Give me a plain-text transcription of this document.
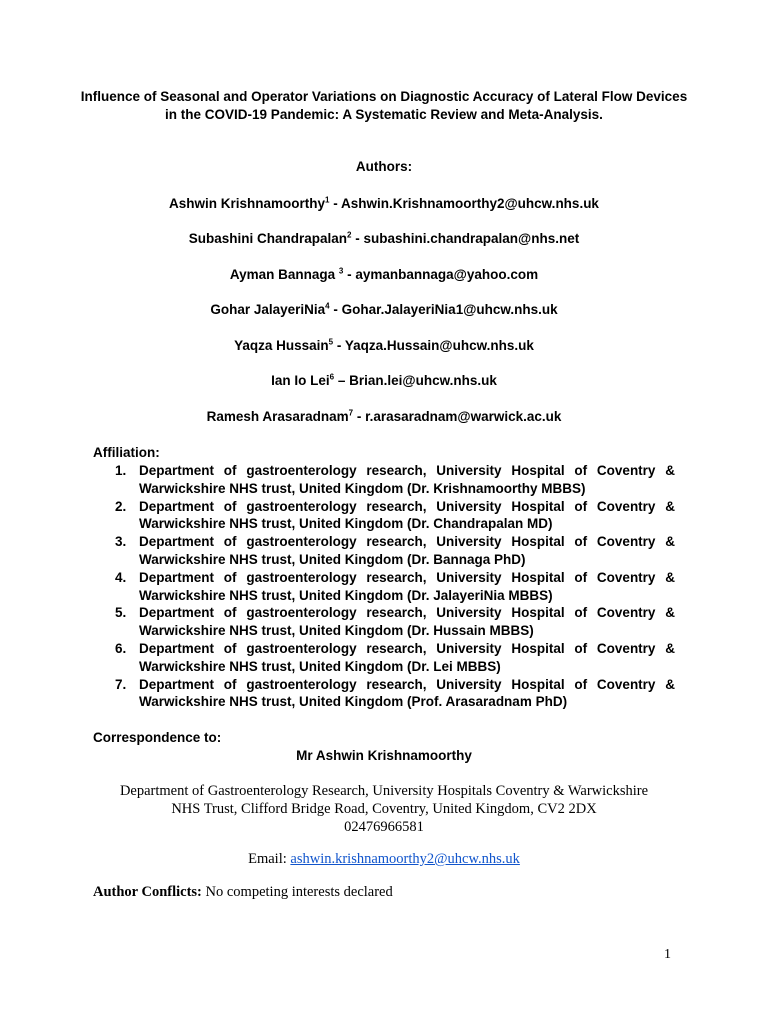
Influence of Seasonal and Operator Variations on Diagnostic Accuracy of Lateral Flow Devices in the COVID-19 Pandemic: A Systematic Review and Meta-Analysis.
Authors:
Ashwin Krishnamoorthy$^1$ - Ashwin.Krishnamoorthy2@uhcw.nhs.uk
Subashini Chandrapalan$^2$ - subashini.chandrapalan@nhs.net
Ayman Bannaga $^3$ - aymanbannaga@yahoo.com
Gohar JalayeriNia$^4$ - Gohar.JalayeriNia1@uhcw.nhs.uk
Yaqza Hussain$^5$ - Yaqza.Hussain@uhcw.nhs.uk
Ian Io Lei$^6$ – Brian.lei@uhcw.nhs.uk
Ramesh Arasaradnam$^7$ - r.arasaradnam@warwick.ac.uk
Affiliation:
1. Department of gastroenterology research, University Hospital of Coventry & Warwickshire NHS trust, United Kingdom (Dr. Krishnamoorthy MBBS)
2. Department of gastroenterology research, University Hospital of Coventry & Warwickshire NHS trust, United Kingdom (Dr. Chandrapalan MD)
3. Department of gastroenterology research, University Hospital of Coventry & Warwickshire NHS trust, United Kingdom (Dr. Bannaga PhD)
4. Department of gastroenterology research, University Hospital of Coventry & Warwickshire NHS trust, United Kingdom (Dr. JalayeriNia MBBS)
5. Department of gastroenterology research, University Hospital of Coventry & Warwickshire NHS trust, United Kingdom (Dr. Hussain MBBS)
6. Department of gastroenterology research, University Hospital of Coventry & Warwickshire NHS trust, United Kingdom (Dr. Lei MBBS)
7. Department of gastroenterology research, University Hospital of Coventry & Warwickshire NHS trust, United Kingdom (Prof. Arasaradnam PhD)
Correspondence to:
Mr Ashwin Krishnamoorthy
Department of Gastroenterology Research, University Hospitals Coventry & Warwickshire
NHS Trust, Clifford Bridge Road, Coventry, United Kingdom, CV2 2DX
02476966581
Email: ashwin.krishnamoorthy2@uhcw.nhs.uk
Author Conflicts: No competing interests declared
1
